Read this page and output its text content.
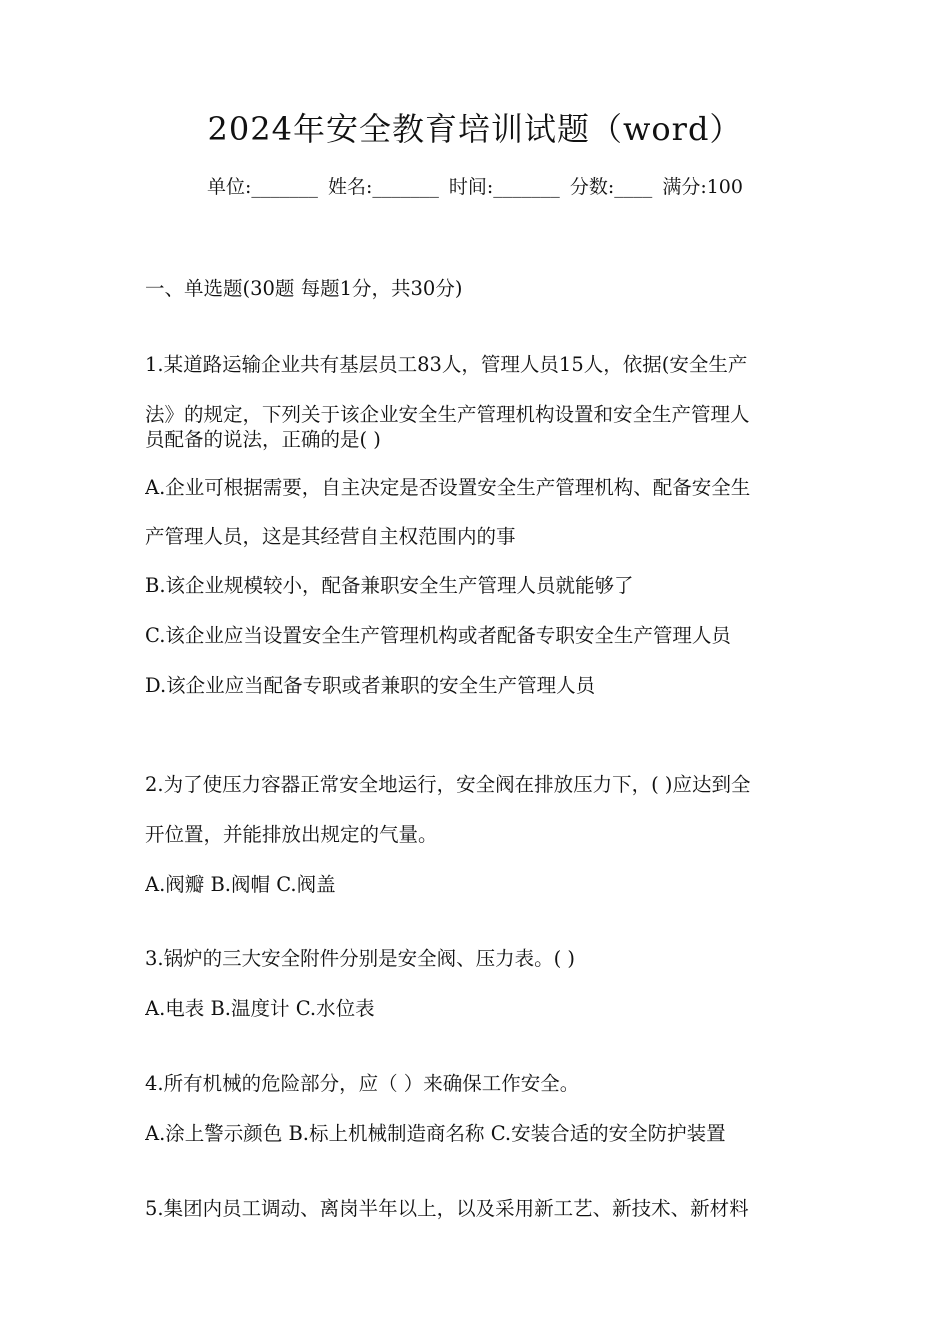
2024年安全教育培训试题（word）
单位:_______ 姓名:_______ 时间:_______ 分数:____ 满分:100
一、单选题(30题 每题1分，共30分)
1.某道路运输企业共有基层员工83人，管理人员15人，依据(安全生产
法》的规定，下列关于该企业安全生产管理机构设置和安全生产管理人
员配备的说法，正确的是( )
A.企业可根据需要，自主决定是否设置安全生产管理机构、配备安全生
产管理人员，这是其经营自主权范围内的事
B.该企业规模较小，配备兼职安全生产管理人员就能够了
C.该企业应当设置安全生产管理机构或者配备专职安全生产管理人员
D.该企业应当配备专职或者兼职的安全生产管理人员
2.为了使压力容器正常安全地运行，安全阀在排放压力下，( )应达到全
开位置，并能排放出规定的气量。
A.阀瓣 B.阀帽 C.阀盖
3.锅炉的三大安全附件分别是安全阀、压力表。( )
A.电表 B.温度计 C.水位表
4.所有机械的危险部分，应（ ）来确保工作安全。
A.涂上警示颜色 B.标上机械制造商名称 C.安装合适的安全防护装置
5.集团内员工调动、离岗半年以上，以及采用新工艺、新技术、新材料
